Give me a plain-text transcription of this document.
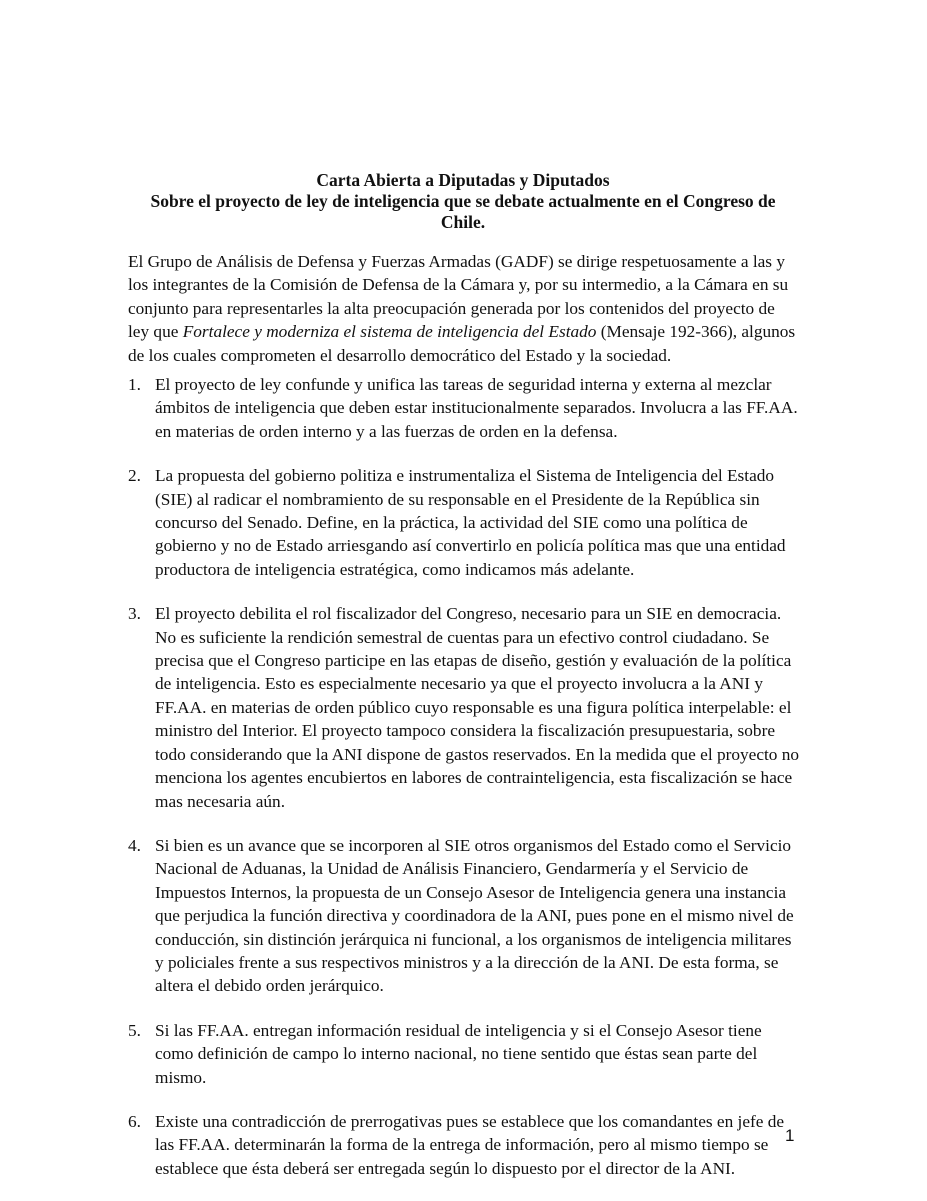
Carta Abierta a Diputadas y Diputados
Sobre el proyecto de ley de inteligencia que se debate actualmente en el Congreso de Chile.
El Grupo de Análisis de Defensa y Fuerzas Armadas (GADF) se dirige respetuosamente a las y los integrantes de la Comisión de Defensa de la Cámara y, por su intermedio, a la Cámara en su conjunto para representarles la alta preocupación generada por los contenidos del proyecto de ley que Fortalece y moderniza el sistema de inteligencia del Estado (Mensaje 192-366), algunos de los cuales comprometen el desarrollo democrático del Estado y la sociedad.
1. El proyecto de ley confunde y unifica las tareas de seguridad interna y externa al mezclar ámbitos de inteligencia que deben estar institucionalmente separados. Involucra a las FF.AA. en materias de orden interno y a las fuerzas de orden en la defensa.
2. La propuesta del gobierno politiza e instrumentaliza el Sistema de Inteligencia del Estado (SIE) al radicar el nombramiento de su responsable en el Presidente de la República sin concurso del Senado. Define, en la práctica, la actividad del SIE como una política de gobierno y no de Estado arriesgando así convertirlo en policía política mas que una entidad productora de inteligencia estratégica, como indicamos más adelante.
3. El proyecto debilita el rol fiscalizador del Congreso, necesario para un SIE en democracia. No es suficiente la rendición semestral de cuentas para un efectivo control ciudadano. Se precisa que el Congreso participe en las etapas de diseño, gestión y evaluación de la política de inteligencia. Esto es especialmente necesario ya que el proyecto involucra a la ANI y FF.AA. en materias de orden público cuyo responsable es una figura política interpelable: el ministro del Interior. El proyecto tampoco considera la fiscalización presupuestaria, sobre todo considerando que la ANI dispone de gastos reservados. En la medida que el proyecto no menciona los agentes encubiertos en labores de contrainteligencia, esta fiscalización se hace mas necesaria aún.
4. Si bien es un avance que se incorporen al SIE otros organismos del Estado como el Servicio Nacional de Aduanas, la Unidad de Análisis Financiero, Gendarmería y el Servicio de Impuestos Internos, la propuesta de un Consejo Asesor de Inteligencia genera una instancia que perjudica la función directiva y coordinadora de la ANI, pues pone en el mismo nivel de conducción, sin distinción jerárquica ni funcional, a los organismos de inteligencia militares y policiales frente a sus respectivos ministros y a la dirección de la ANI. De esta forma, se altera el debido orden jerárquico.
5. Si las FF.AA. entregan información residual de inteligencia y si el Consejo Asesor tiene como definición de campo lo interno nacional, no tiene sentido que éstas sean parte del mismo.
6. Existe una contradicción de prerrogativas pues se establece que los comandantes en jefe de las FF.AA. determinarán la forma de la entrega de información, pero al mismo tiempo se establece que ésta deberá ser entregada según lo dispuesto por el director de la ANI.
1
